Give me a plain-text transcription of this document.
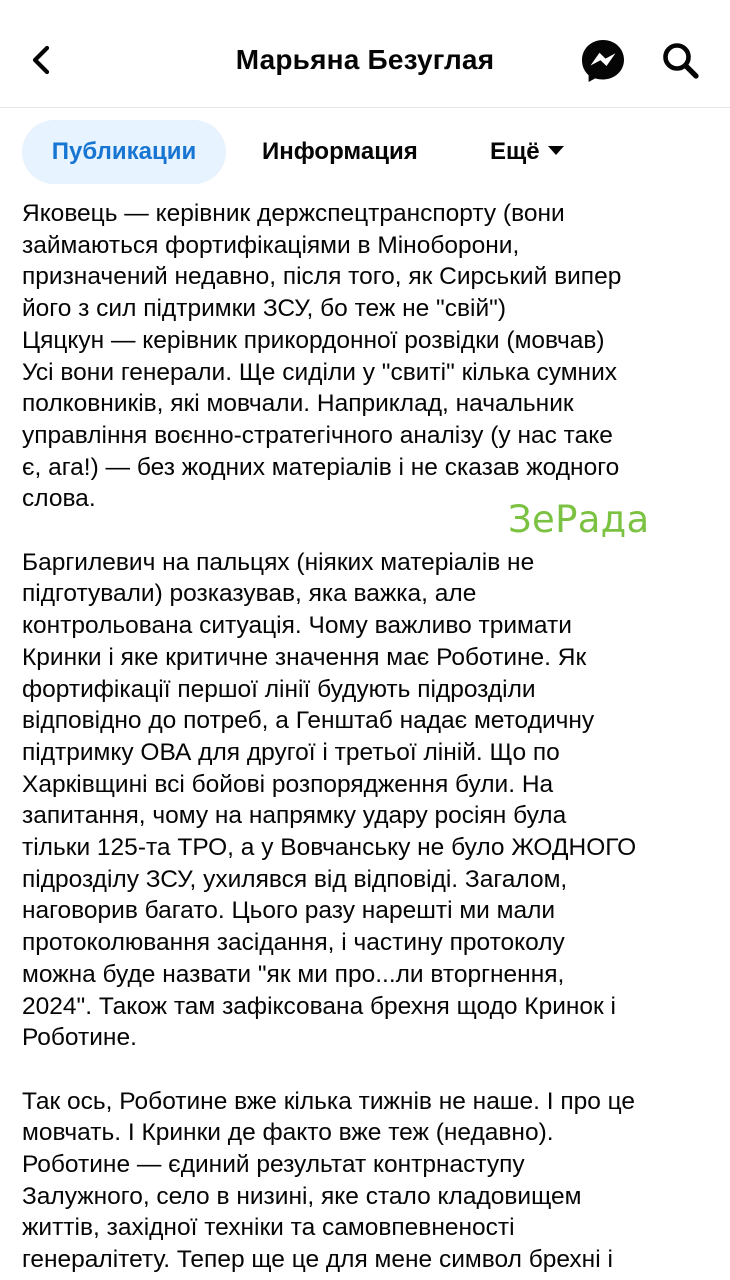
Марьяна Безуглая
Публикации	Информация	Ещё

Яковець — керівник держспецтранспорту (вони
займаються фортифікаціями в Міноборони,
призначений недавно, після того, як Сирський випер
його з сил підтримки ЗСУ, бо теж не "свій")
Цяцкун — керівник прикордонної розвідки (мовчав)
Усі вони генерали. Ще сиділи у "свиті" кілька сумних
полковників, які мовчали. Наприклад, начальник
управління воєнно-стратегічного аналізу (у нас таке
є, ага!) — без жодних матеріалів і не сказав жодного
слова.

Баргилевич на пальцях (ніяких матеріалів не
підготували) розказував, яка важка, але
контрольована ситуація. Чому важливо тримати
Кринки і яке критичне значення має Роботине. Як
фортифікації першої лінії будують підрозділи
відповідно до потреб, а Генштаб надає методичну
підтримку ОВА для другої і третьої ліній. Що по
Харківщині всі бойові розпорядження були. На
запитання, чому на напрямку удару росіян була
тільки 125-та ТРО, а у Вовчанську не було ЖОДНОГО
підрозділу ЗСУ, ухилявся від відповіді. Загалом,
наговорив багато. Цього разу нарешті ми мали
протоколювання засідання, і частину протоколу
можна буде назвати "як ми про...ли вторгнення,
2024". Також там зафіксована брехня щодо Кринок і
Роботине.

Так ось, Роботине вже кілька тижнів не наше. І про це
мовчать. І Кринки де факто вже теж (недавно).
Роботине — єдиний результат контрнаступу
Залужного, село в низині, яке стало кладовищем
життів, західної техніки та самовпевненості
генералітету. Тепер ще це для мене символ брехні і

ЗеРада
